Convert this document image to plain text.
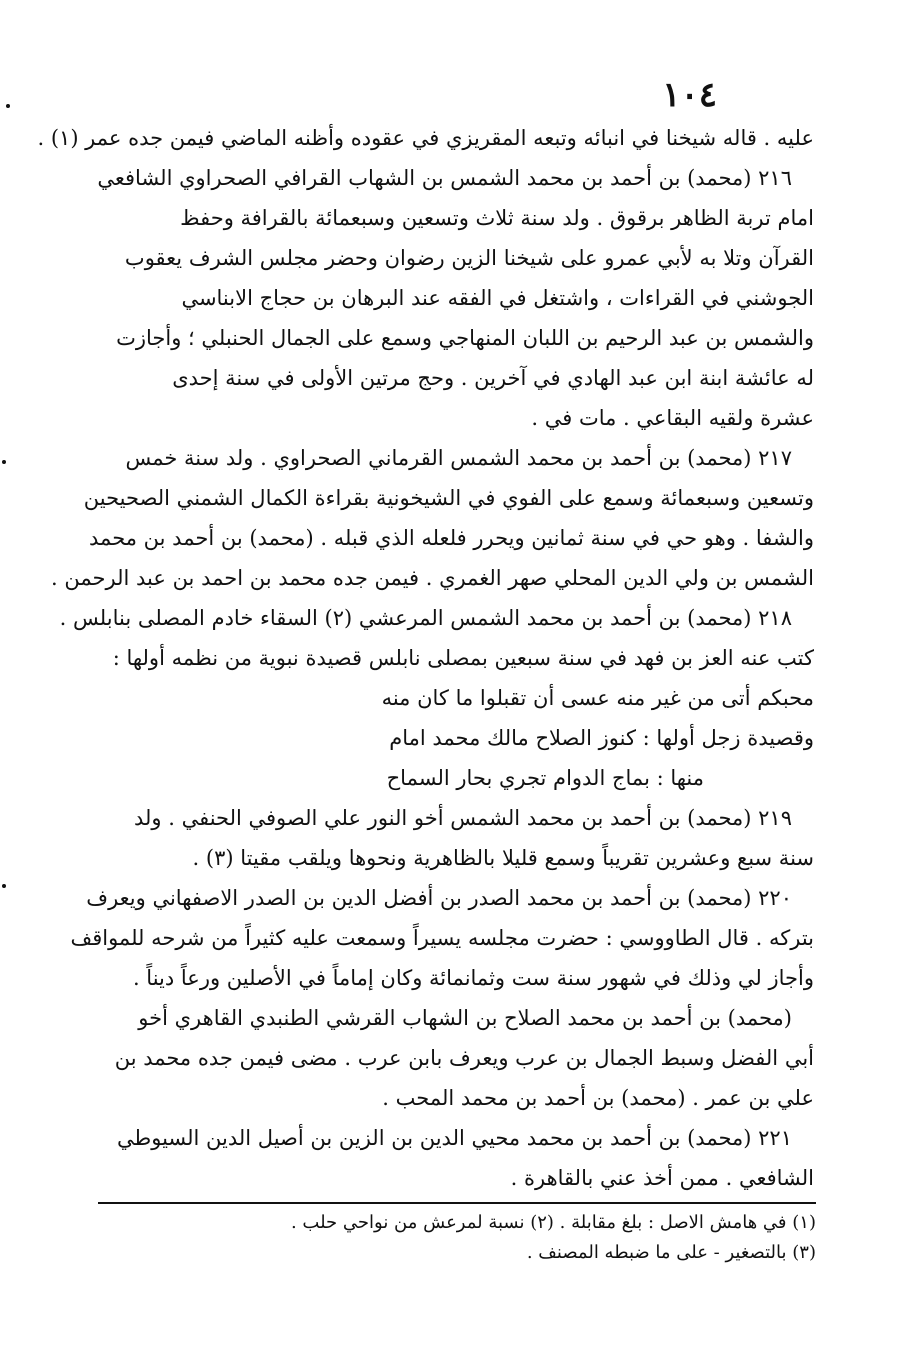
١٠٤
عليه . قاله شيخنا في انبائه وتبعه المقريزي في عقوده وأظنه الماضي فيمن جده عمر (١) .
٢١٦ (محمد) بن أحمد بن محمد الشمس بن الشهاب القرافي الصحراوي الشافعي
امام تربة الظاهر برقوق . ولد سنة ثلاث وتسعين وسبعمائة بالقرافة وحفظ
القرآن وتلا به لأبي عمرو على شيخنا الزين رضوان وحضر مجلس الشرف يعقوب
الجوشني في القراءات ، واشتغل في الفقه عند البرهان بن حجاج الابناسي
والشمس بن عبد الرحيم بن اللبان المنهاجي وسمع على الجمال الحنبلي ؛ وأجازت
له عائشة ابنة ابن عبد الهادي في آخرين . وحج مرتين الأولى في سنة إحدى
عشرة ولقيه البقاعي . مات في .
٢١٧ (محمد) بن أحمد بن محمد الشمس القرماني الصحراوي . ولد سنة خمس
وتسعين وسبعمائة وسمع على الفوي في الشيخونية بقراءة الكمال الشمني الصحيحين
والشفا . وهو حي في سنة ثمانين ويحرر فلعله الذي قبله . (محمد) بن أحمد بن محمد
الشمس بن ولي الدين المحلي صهر الغمري . فيمن جده محمد بن احمد بن عبد الرحمن .
٢١٨ (محمد) بن أحمد بن محمد الشمس المرعشي (٢) السقاء خادم المصلى بنابلس .
كتب عنه العز بن فهد في سنة سبعين بمصلى نابلس قصيدة نبوية من نظمه أولها :
محبكم أتى من غير منه عسى أن تقبلوا ما كان منه
وقصيدة زجل أولها : كنوز الصلاح مالك محمد امام
منها : بماج الدوام تجري بحار السماح
٢١٩ (محمد) بن أحمد بن محمد الشمس أخو النور علي الصوفي الحنفي . ولد
سنة سبع وعشرين تقريباً وسمع قليلا بالظاهرية ونحوها ويلقب مقيتا (٣) .
٢٢٠ (محمد) بن أحمد بن محمد الصدر بن أفضل الدين بن الصدر الاصفهاني ويعرف
بتركه . قال الطاووسي : حضرت مجلسه يسيراً وسمعت عليه كثيراً من شرحه للمواقف
وأجاز لي وذلك في شهور سنة ست وثمانمائة وكان إماماً في الأصلين ورعاً ديناً .
(محمد) بن أحمد بن محمد الصلاح بن الشهاب القرشي الطنبدي القاهري أخو
أبي الفضل وسبط الجمال بن عرب ويعرف بابن عرب . مضى فيمن جده محمد بن
علي بن عمر . (محمد) بن أحمد بن محمد المحب .
٢٢١ (محمد) بن أحمد بن محمد محيي الدين بن الزين بن أصيل الدين السيوطي
الشافعي . ممن أخذ عني بالقاهرة .
(١) في هامش الاصل : بلغ مقابلة . (٢) نسبة لمرعش من نواحي حلب .
(٣) بالتصغير - على ما ضبطه المصنف .
